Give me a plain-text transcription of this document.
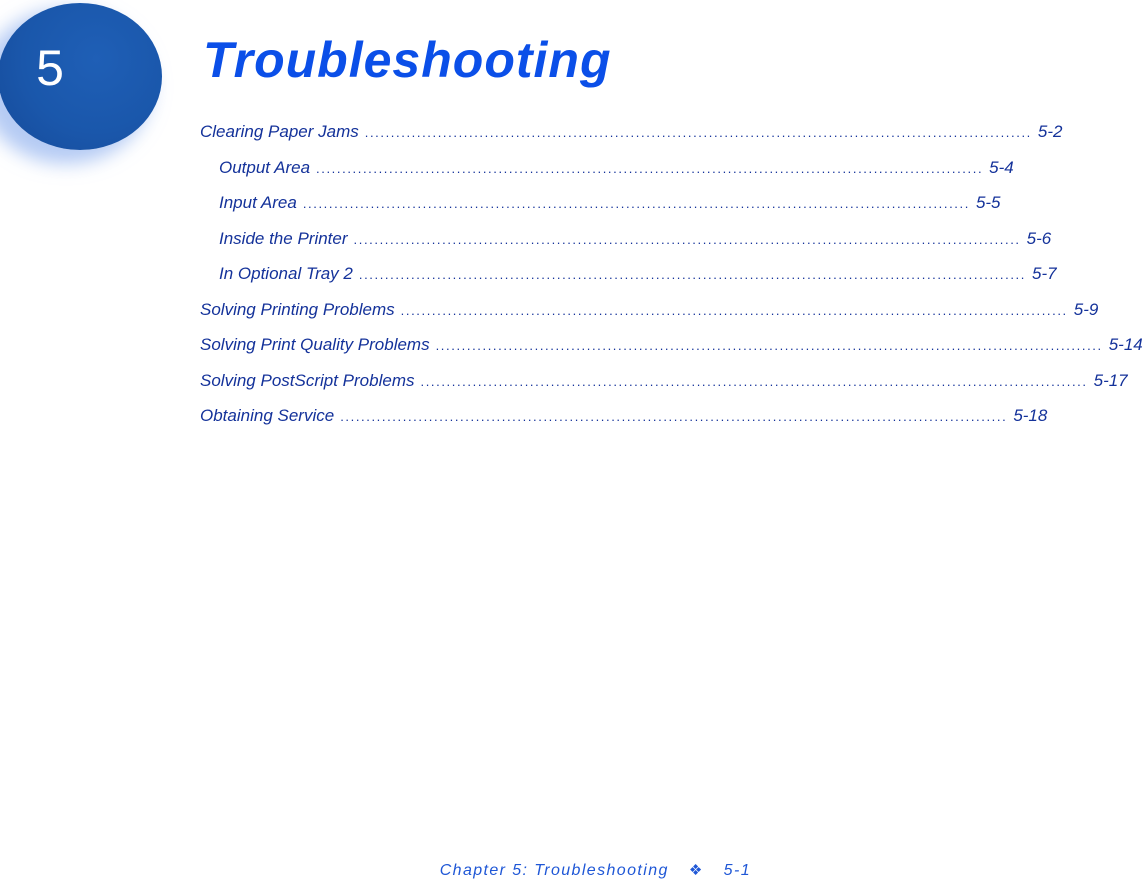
5	Troubleshooting
Clearing Paper Jams ................................................................................................................................ 5-2
Output Area ................................................................................................................................ 5-4
Input Area ................................................................................................................................ 5-5
Inside the Printer ................................................................................................................................ 5-6
In Optional Tray 2 ................................................................................................................................ 5-7
Solving Printing Problems ................................................................................................................................ 5-9
Solving Print Quality Problems ................................................................................................................................ 5-14
Solving PostScript Problems ................................................................................................................................ 5-17
Obtaining Service ................................................................................................................................ 5-18
Chapter 5: Troubleshooting ❖ 5-1
